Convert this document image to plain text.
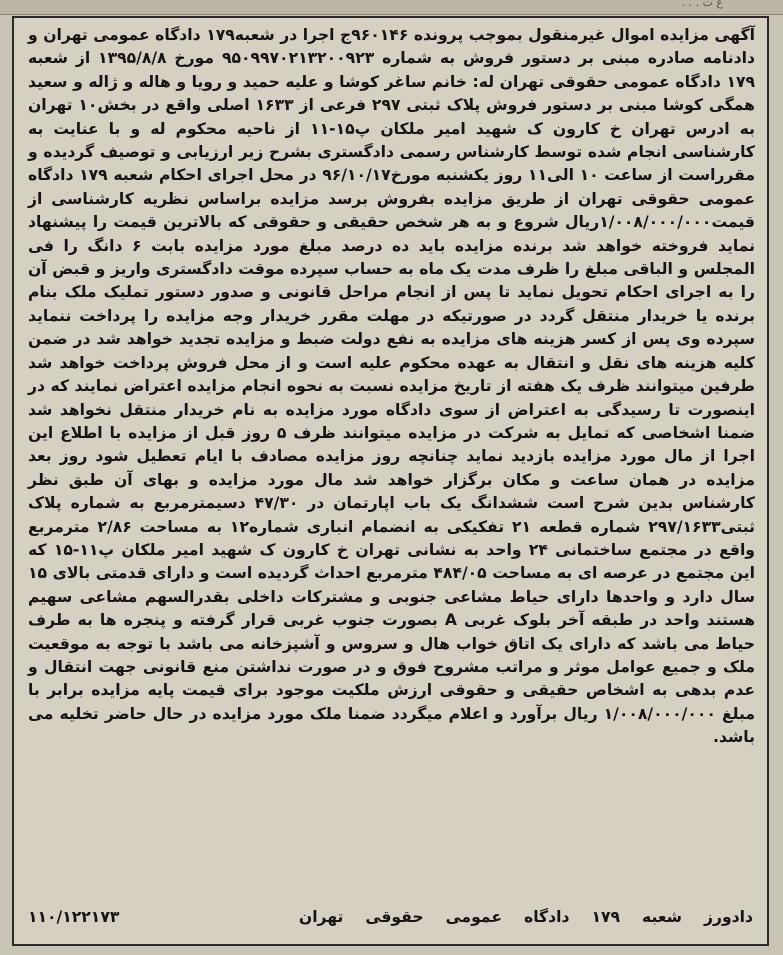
ع ت . . .

آگهی مزایده اموال غیرمنقول بموجب پرونده ۹۶۰۱۴۶ج اجرا در شعبه۱۷۹ دادگاه عمومی تهران و دادنامه صادره مبنی بر دستور فروش به شماره ۹۵۰۹۹۷۰۲۱۳۲۰۰۹۲۳ مورخ ۱۳۹۵/۸/۸ از شعبه ۱۷۹ دادگاه عمومی حقوقی تهران له: خانم ساغر کوشا و علیه حمید و رویا و هاله و ژاله و سعید همگی کوشا مبنی بر دستور فروش پلاک ثبتی ۲۹۷ فرعی از ۱۶۳۳ اصلی واقع در بخش۱۰ تهران به ادرس تهران خ کارون ک شهید امیر ملکان پ۱۵-۱۱ از ناحیه محکوم له و با عنایت به کارشناسی انجام شده توسط کارشناس رسمی دادگستری بشرح زیر ارزیابی و توصیف گردیده و مقرراست از ساعت ۱۰ الی۱۱ روز یکشنبه مورخ۹۶/۱۰/۱۷ در محل اجرای احکام شعبه ۱۷۹ دادگاه عمومی حقوقی تهران از طریق مزایده بفروش برسد مزایده براساس نظریه کارشناسی از قیمت۱/۰۰۸/۰۰۰/۰۰۰ریال شروع و به هر شخص حقیقی و حقوقی که بالاترین قیمت را پیشنهاد نماید فروخته خواهد شد برنده مزایده باید ده درصد مبلغ مورد مزایده بابت ۶ دانگ را فی المجلس و الباقی مبلغ را ظرف مدت یک ماه به حساب سپرده موقت دادگستری واریز و قبض آن را به اجرای احکام تحویل نماید تا پس از انجام مراحل قانونی و صدور دستور تملیک ملک بنام برنده یا خریدار منتقل گردد در صورتیکه در مهلت مقرر خریدار وجه مزایده را پرداخت ننماید سپرده وی پس از کسر هزینه های مزایده به نفع دولت ضبط و مزایده تجدید خواهد شد در ضمن کلیه هزینه های نقل و انتقال به عهده محکوم علیه است و از محل فروش پرداخت خواهد شد طرفین میتوانند ظرف یک هفته از تاریخ مزایده نسبت به نحوه انجام مزایده اعتراض نمایند که در اینصورت تا رسیدگی به اعتراض از سوی دادگاه مورد مزایده به نام خریدار منتقل نخواهد شد ضمنا اشخاصی که تمایل به شرکت در مزایده میتوانند ظرف ۵ روز قبل از مزایده با اطلاع این اجرا از مال مورد مزایده بازدید نماید چنانچه روز مزایده مصادف با ایام تعطیل شود روز بعد مزایده در همان ساعت و مکان برگزار خواهد شد مال مورد مزایده و بهای آن طبق نظر کارشناس بدین شرح است ششدانگ یک باب اپارتمان در ۴۷/۳۰ دسیمترمربع به شماره پلاک ثبتی۲۹۷/۱۶۳۳ شماره قطعه ۲۱ تفکیکی به انضمام انباری شماره۱۲ به مساحت ۲/۸۶ مترمربع واقع در مجتمع ساختمانی ۲۴ واحد به نشانی تهران خ کارون ک شهید امیر ملکان پ۱۱-۱۵ که این مجتمع در عرصه ای به مساحت ۴۸۴/۰۵ مترمربع احداث گردیده است و دارای قدمتی بالای ۱۵ سال دارد و واحدها دارای حیاط مشاعی جنوبی و مشترکات داخلی بقدرالسهم مشاعی سهیم هستند واحد در طبقه آخر بلوک غربی A بصورت جنوب غربی قرار گرفته و پنجره ها به طرف حیاط می باشد که دارای یک اتاق خواب هال و سروس و آشپزخانه می باشد با توجه به موقعیت ملک و جمیع عوامل موثر و مراتب مشروح فوق و در صورت نداشتن منع قانونی جهت انتقال و عدم بدهی به اشخاص حقیقی و حقوقی ارزش ملکیت موجود برای قیمت پایه مزایده برابر با مبلغ ۱/۰۰۸/۰۰۰/۰۰۰ ریال برآورد و اعلام میگردد ضمنا ملک مورد مزایده در حال حاضر تخلیه می باشد.

دادورز
شعبه
۱۷۹
دادگاه
عمومی
حقوقی
تهران
۱۱۰/۱۲۲۱۷۳
